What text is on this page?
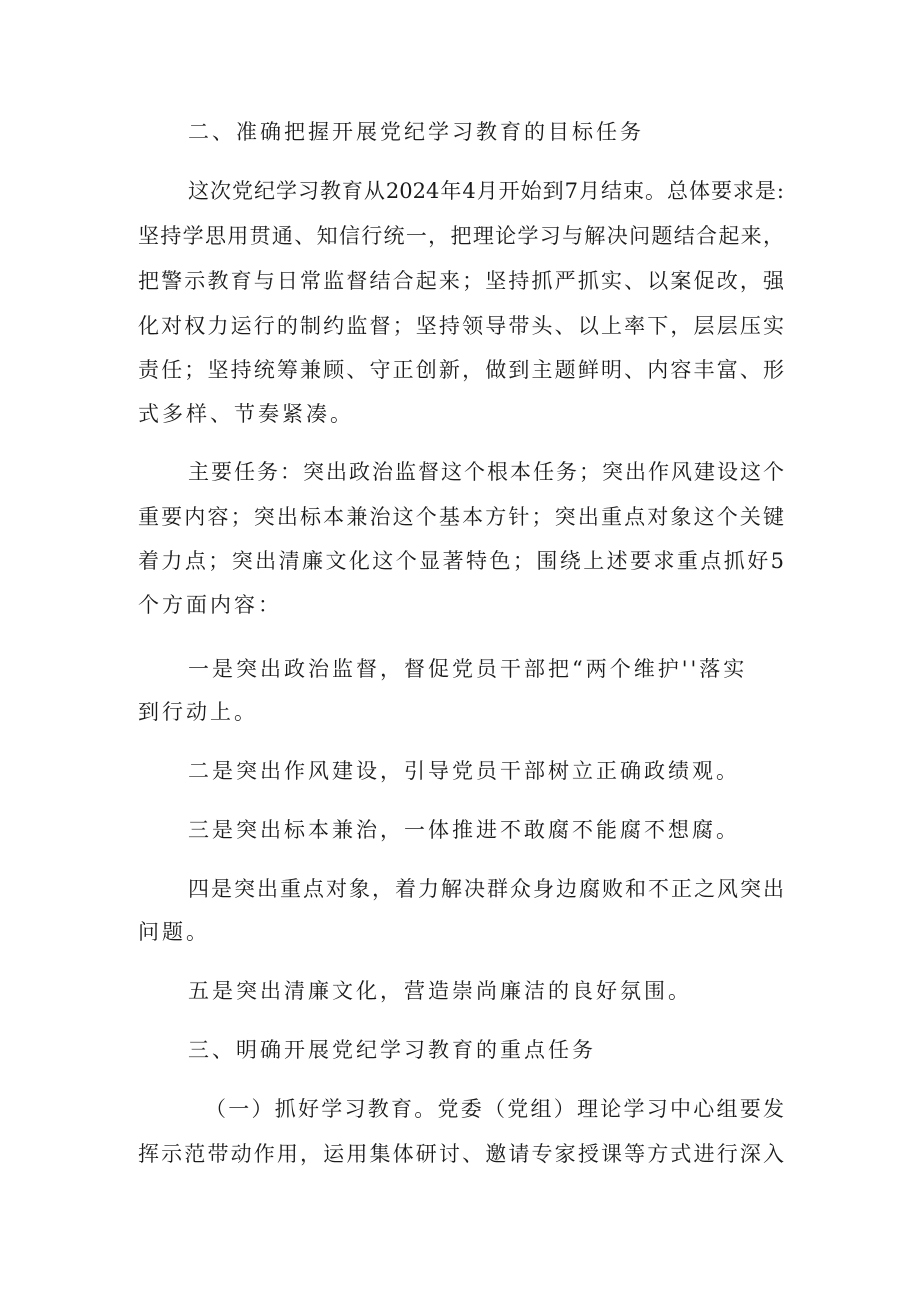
二、准确把握开展党纪学习教育的目标任务
这次党纪学习教育从2024年4月开始到7月结束。总体要求是:
坚持学思用贯通、知信行统一，把理论学习与解决问题结合起来，
把警示教育与日常监督结合起来；坚持抓严抓实、以案促改，强
化对权力运行的制约监督；坚持领导带头、以上率下，层层压实
责任；坚持统筹兼顾、守正创新，做到主题鲜明、内容丰富、形
式多样、节奏紧凑。
主要任务：突出政治监督这个根本任务；突出作风建设这个
重要内容；突出标本兼治这个基本方针；突出重点对象这个关键
着力点；突出清廉文化这个显著特色；围绕上述要求重点抓好5
个方面内容：
一是突出政治监督，督促党员干部把“两个维护''落实
到行动上。
二是突出作风建设，引导党员干部树立正确政绩观。
三是突出标本兼治，一体推进不敢腐不能腐不想腐。
四是突出重点对象，着力解决群众身边腐败和不正之风突出
问题。
五是突出清廉文化，营造崇尚廉洁的良好氛围。
三、明确开展党纪学习教育的重点任务
（一）抓好学习教育。党委（党组）理论学习中心组要发
挥示范带动作用，运用集体研讨、邀请专家授课等方式进行深入
